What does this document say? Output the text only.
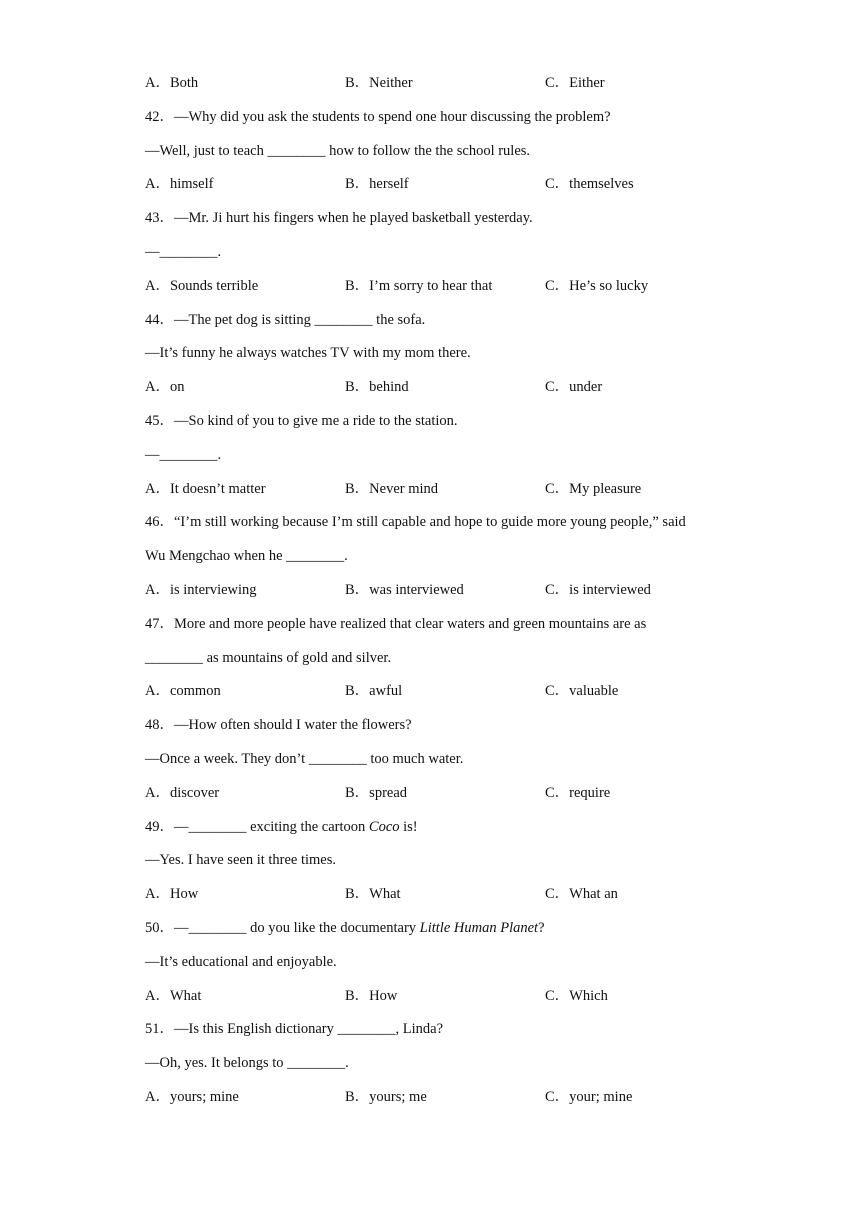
A．Both	B．Neither	C．Either
42．—Why did you ask the students to spend one hour discussing the problem?
—Well, just to teach ________ how to follow the the school rules.
A．himself	B．herself	C．themselves
43．—Mr. Ji hurt his fingers when he played basketball yesterday.
—________.
A．Sounds terrible	B．I’m sorry to hear that	C．He’s so lucky
44．—The pet dog is sitting ________ the sofa.
—It’s funny he always watches TV with my mom there.
A．on	B．behind	C．under
45．—So kind of you to give me a ride to the station.
—________.
A．It doesn’t matter	B．Never mind	C．My pleasure
46．“I’m still working because I’m still capable and hope to guide more young people,” said
Wu Mengchao when he ________.
A．is interviewing	B．was interviewed	C．is interviewed
47．More and more people have realized that clear waters and green mountains are as
________ as mountains of gold and silver.
A．common	B．awful	C．valuable
48．—How often should I water the flowers?
—Once a week. They don’t ________ too much water.
A．discover	B．spread	C．require
49．—________ exciting the cartoon Coco is!
—Yes. I have seen it three times.
A．How	B．What	C．What an
50．—________ do you like the documentary Little Human Planet?
—It’s educational and enjoyable.
A．What	B．How	C．Which
51．—Is this English dictionary ________, Linda?
—Oh, yes. It belongs to ________.
A．yours; mine	B．yours; me	C．your; mine
